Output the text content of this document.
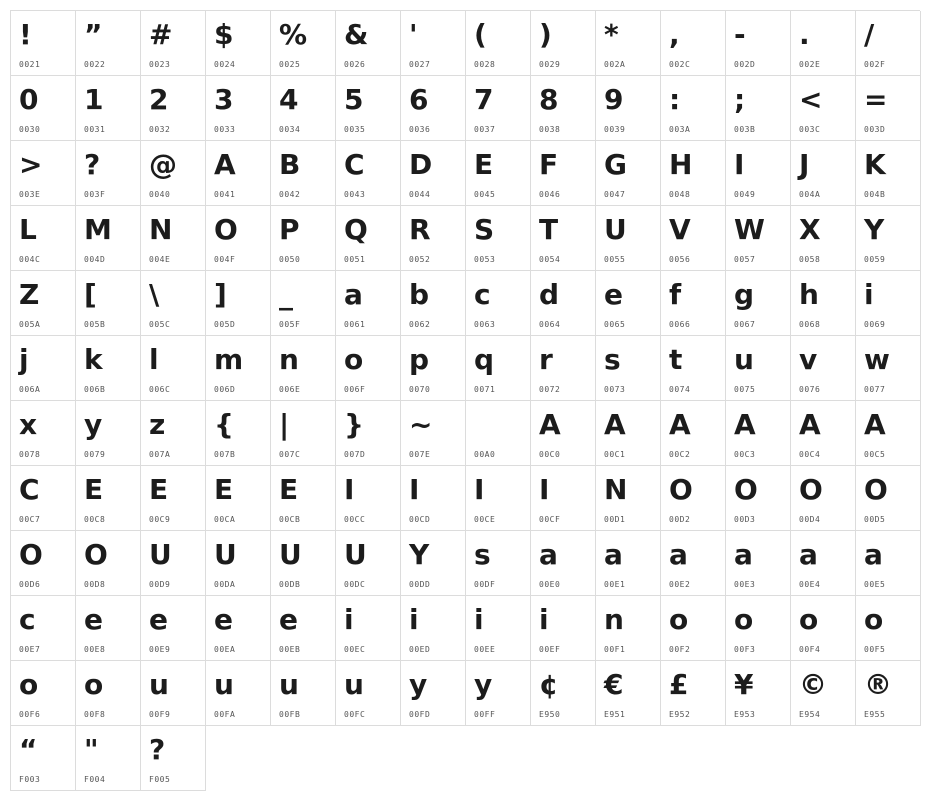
!
0021
”
0022
#
0023
$
0024
%
0025
&
0026
'
0027
(
0028
)
0029
*
002A
,
002C
-
002D
.
002E
/
002F
0
0030
1
0031
2
0032
3
0033
4
0034
5
0035
6
0036
7
0037
8
0038
9
0039
:
003A
;
003B
<
003C
=
003D
>
003E
?
003F
@
0040
A
0041
B
0042
C
0043
D
0044
E
0045
F
0046
G
0047
H
0048
I
0049
J
004A
K
004B
L
004C
M
004D
N
004E
O
004F
P
0050
Q
0051
R
0052
S
0053
T
0054
U
0055
V
0056
W
0057
X
0058
Y
0059
Z
005A
[
005B
\
005C
]
005D
_
005F
a
0061
b
0062
c
0063
d
0064
e
0065
f
0066
g
0067
h
0068
i
0069
j
006A
k
006B
l
006C
m
006D
n
006E
o
006F
p
0070
q
0071
r
0072
s
0073
t
0074
u
0075
v
0076
w
0077
x
0078
y
0079
z
007A
{
007B
|
007C
}
007D
~
007E	00A0
A
00C0
A
00C1
A
00C2
A
00C3
A
00C4
A
00C5
C
00C7
E
00C8
E
00C9
E
00CA
E
00CB
I
00CC
I
00CD
I
00CE
I
00CF
N
00D1
O
00D2
O
00D3
O
00D4
O
00D5
O
00D6
O
00D8
U
00D9
U
00DA
U
00DB
U
00DC
Y
00DD
s
00DF
a
00E0
a
00E1
a
00E2
a
00E3
a
00E4
a
00E5
c
00E7
e
00E8
e
00E9
e
00EA
e
00EB
i
00EC
i
00ED
i
00EE
i
00EF
n
00F1
o
00F2
o
00F3
o
00F4
o
00F5
o
00F6
o
00F8
u
00F9
u
00FA
u
00FB
u
00FC
y
00FD
y
00FF
¢
E950
€
E951
£
E952
¥
E953
©
E954
®
E955
“
F003
"
F004
?
F005
